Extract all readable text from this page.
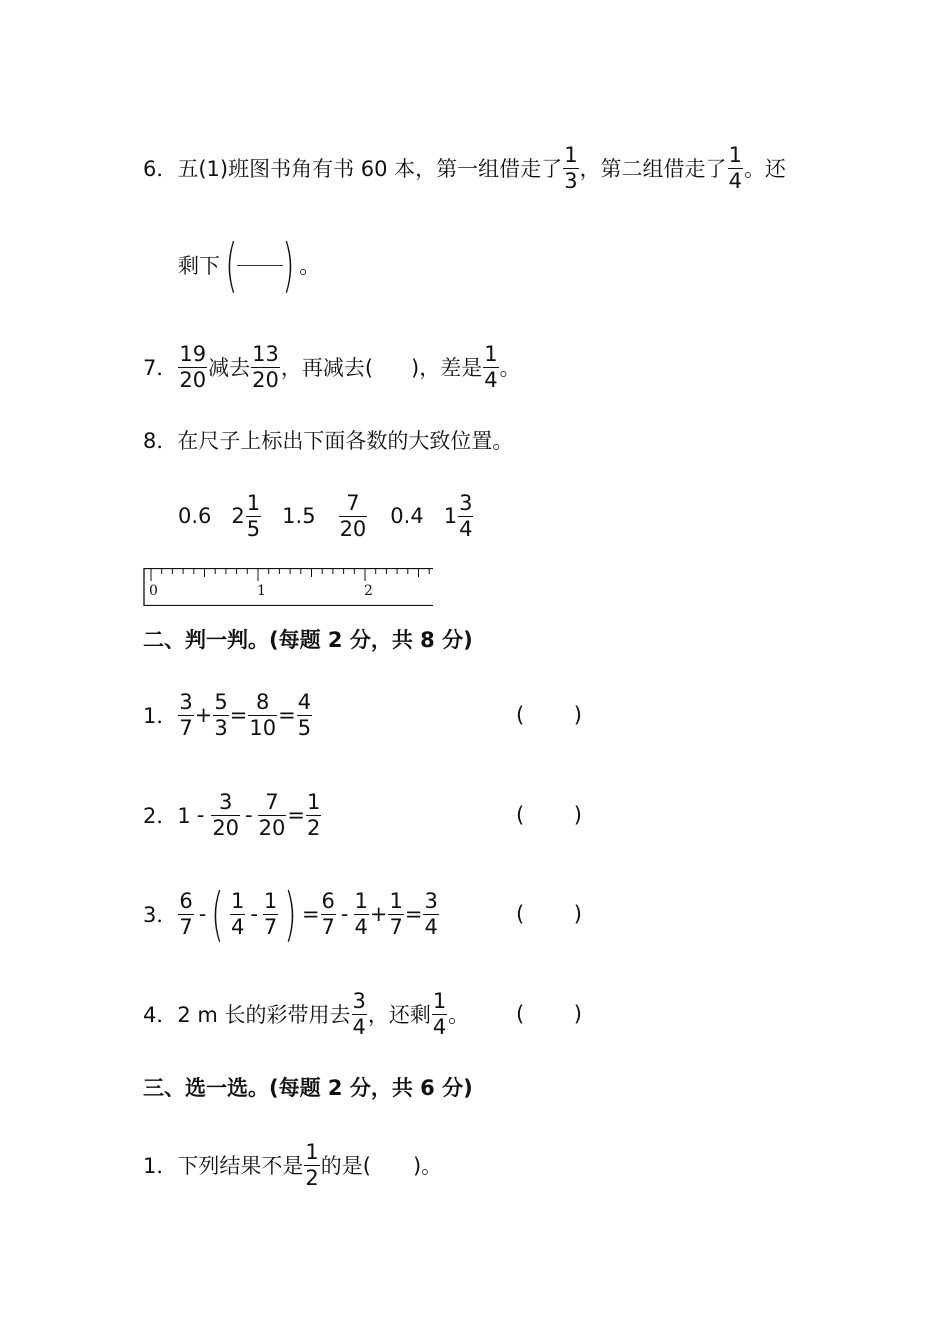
6．五(1)班图书角有书 60 本，第一组借走了 $\frac{1}{3}$ ，第二组借走了 $\frac{1}{4}$ 。还
剩下 ( ) 。
7． $\frac{19}{20}$ 减去 $\frac{13}{20}$ ，再减去( )，差是 $\frac{1}{4}$ 。
8．在尺子上标出下面各数的大致位置。
0.6 $2 \frac{1}{5} 1.5 \frac{7}{20} 0.4$ $1 \frac{3}{4}$
0	1	2
二、判一判。(每题 2 分，共 8 分)
1． $\frac{3}{7} + \frac{5}{3} = \frac{8}{10} = \frac{4}{5}$	( )
2．$1 - \frac{3}{20} - \frac{7}{20} = \frac{1}{2}$	( )
3． $\frac{6}{7}$ - ( $\frac{1}{4} - \frac{1}{7}$ ) = $\frac{6}{7} - \frac{1}{4} + \frac{1}{7} = \frac{3}{4}$	( )
4．2 m 长的彩带用去 $\frac{3}{4}$ ，还剩 $\frac{1}{4}$ 。 ( )
三、选一选。(每题 2 分，共 6 分)
1．下列结果不是 $\frac{1}{2}$ 的是( )。
